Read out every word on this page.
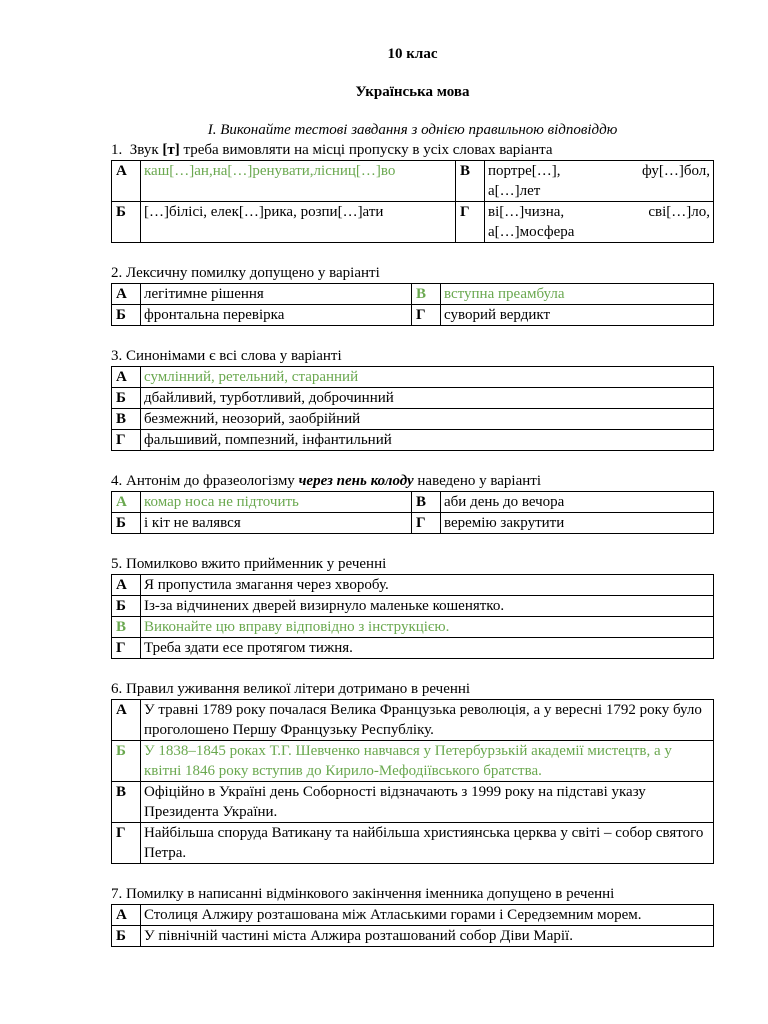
10 клас
Українська мова
I. Виконайте тестові завдання з однією правильною відповіддю
1. Звук [т] треба вимовляти на місці пропуску в усіх словах варіанта
А	каш[…]ан,на[…]ренувати,лісниц[…]во	В	портре[…], фу[…]бол,
а[…]лет

Б	[…]білісі, елек[…]рика, розпи[…]ати	Г	ві[…]чизна, сві[…]ло,
а[…]мосфера
2. Лексичну помилку допущено у варіанті
А	легітимне рішення	В	вступна преамбула
Б	фронтальна перевірка	Г	суворий вердикт
3. Синонімами є всі слова у варіанті
А	сумлінний, ретельний, старанний
Б	дбайливий, турботливий, доброчинний
В	безмежний, неозорий, заобрійний
Г	фальшивий, помпезний, інфантильний
4. Антонім до фразеологізму через пень колоду наведено у варіанті
А	комар носа не підточить	В	аби день до вечора
Б	і кіт не валявся	Г	веремію закрутити
5. Помилково вжито прийменник у реченні
А	Я пропустила змагання через хворобу.
Б	Із-за відчинених дверей визирнуло маленьке кошенятко.
В	Виконайте цю вправу відповідно з інструкцією.
Г	Треба здати есе протягом тижня.
6. Правил уживання великої літери дотримано в реченні
А	У травні 1789 року почалася Велика Французька революція, а у вересні 1792 року було проголошено Першу Французьку Республіку.
Б	У 1838–1845 роках Т.Г. Шевченко навчався у Петербурзькій академії мистецтв, а у квітні 1846 року вступив до Кирило-Мефодіївського братства.
В	Офіційно в Україні день Соборності відзначають з 1999 року на підставі указу Президента України.
Г	Найбільша споруда Ватикану та найбільша християнська церква у світі – собор святого Петра.
7. Помилку в написанні відмінкового закінчення іменника допущено в реченні
А	Столиця Алжиру розташована між Атласькими горами і Середземним морем.
Б	У північній частині міста Алжира розташований собор Діви Марії.
